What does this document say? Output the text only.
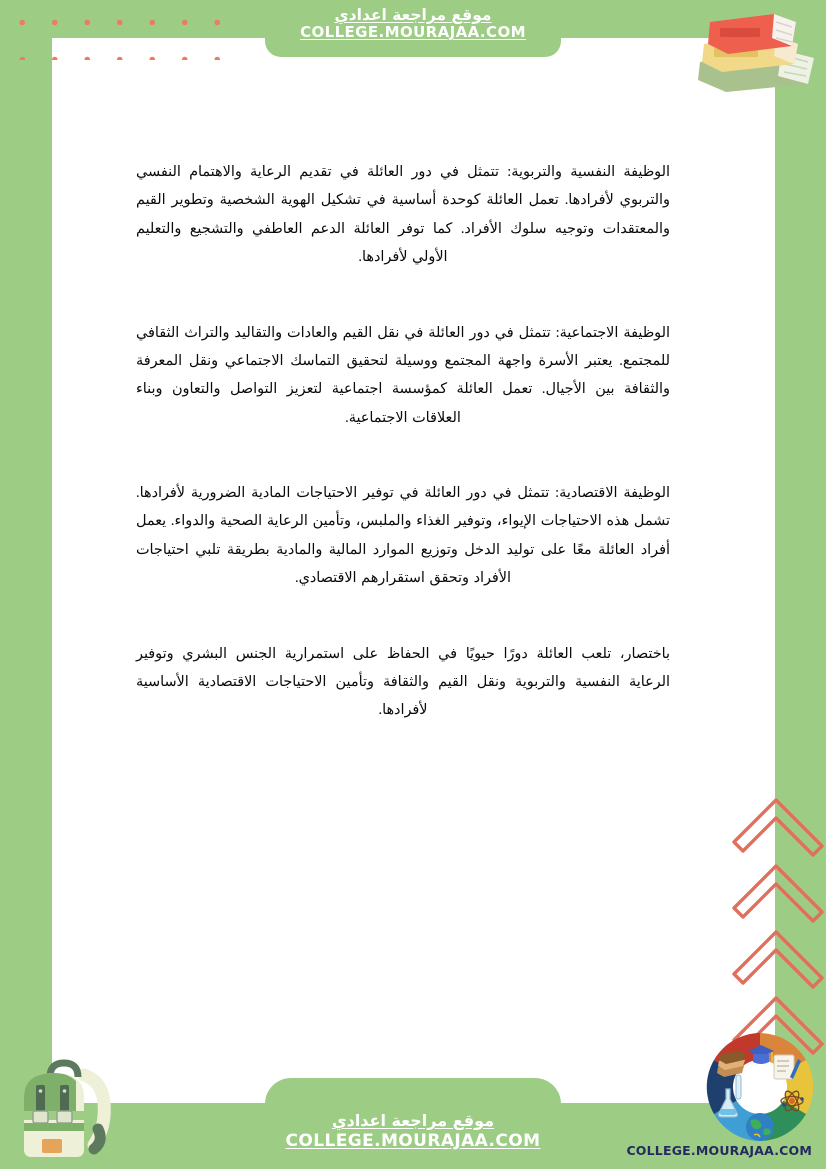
موقع مراجعة اعدادي
COLLEGE.MOURAJAA.COM

الوظيفة النفسية والتربوية: تتمثل في دور العائلة في تقديم الرعاية والاهتمام النفسي والتربوي لأفرادها. تعمل العائلة كوحدة أساسية في تشكيل الهوية الشخصية وتطوير القيم والمعتقدات وتوجيه سلوك الأفراد. كما توفر العائلة الدعم العاطفي والتشجيع والتعليم الأولي لأفرادها.

الوظيفة الاجتماعية: تتمثل في دور العائلة في نقل القيم والعادات والتقاليد والتراث الثقافي للمجتمع. يعتبر الأسرة واجهة المجتمع ووسيلة لتحقيق التماسك الاجتماعي ونقل المعرفة والثقافة بين الأجيال. تعمل العائلة كمؤسسة اجتماعية لتعزيز التواصل والتعاون وبناء العلاقات الاجتماعية.

الوظيفة الاقتصادية: تتمثل في دور العائلة في توفير الاحتياجات المادية الضرورية لأفرادها. تشمل هذه الاحتياجات الإيواء، وتوفير الغذاء والملبس، وتأمين الرعاية الصحية والدواء. يعمل أفراد العائلة معًا على توليد الدخل وتوزيع الموارد المالية والمادية بطريقة تلبي احتياجات الأفراد وتحقق استقرارهم الاقتصادي.

باختصار، تلعب العائلة دورًا حيويًا في الحفاظ على استمرارية الجنس البشري وتوفير الرعاية النفسية والتربوية ونقل القيم والثقافة وتأمين الاحتياجات الاقتصادية الأساسية لأفرادها.

موقع مراجعة اعدادي
COLLEGE.MOURAJAA.COM	COLLEGE.MOURAJAA.COM
